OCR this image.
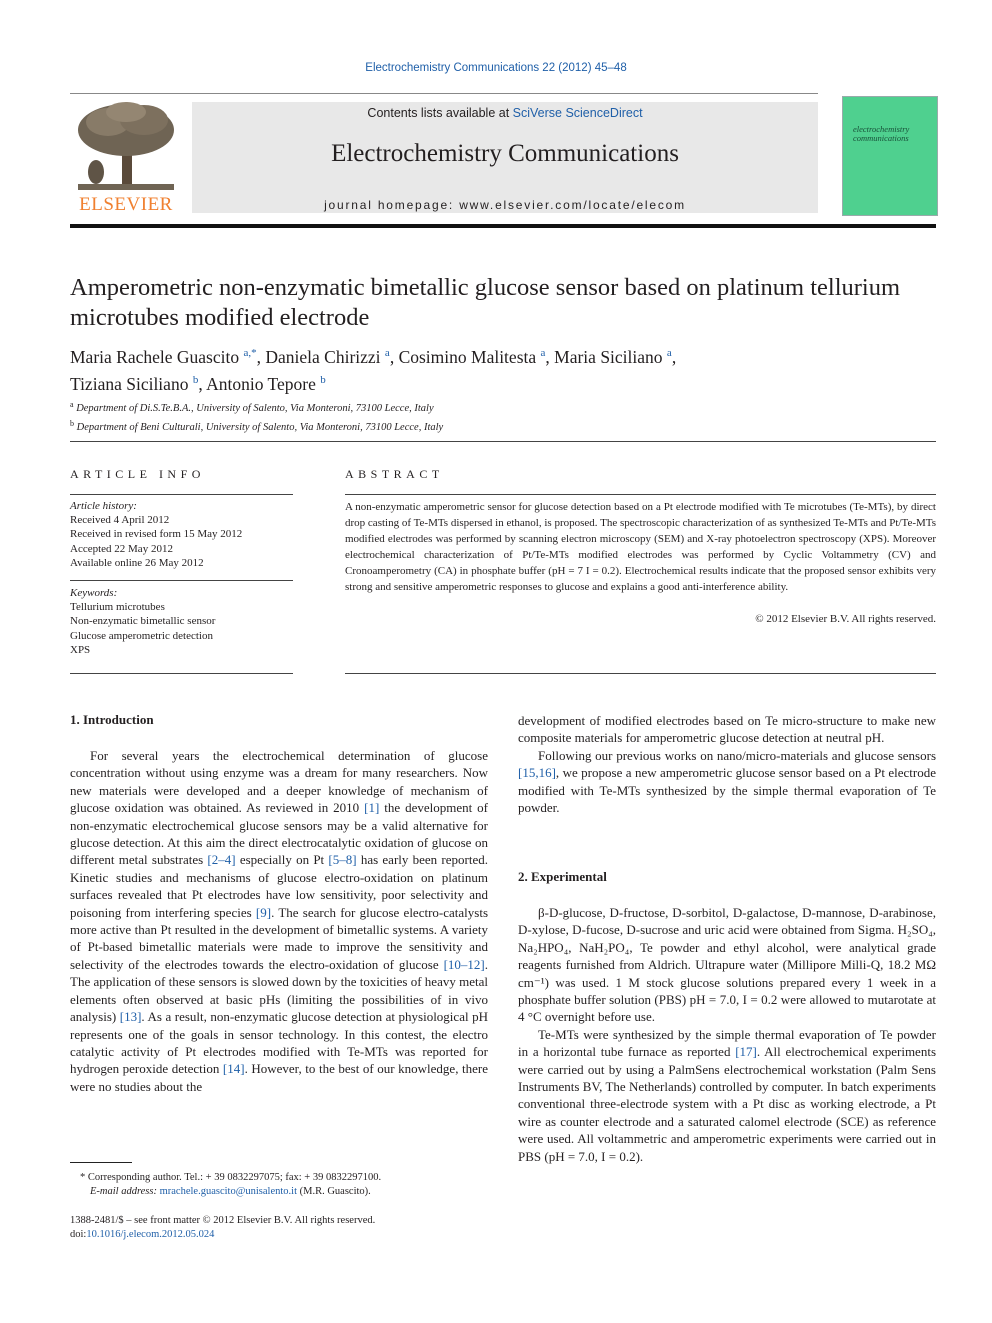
Electrochemistry Communications 22 (2012) 45–48
ELSEVIER
Contents lists available at SciVerse ScienceDirect
Electrochemistry Communications
journal homepage: www.elsevier.com/locate/elecom
electrochemistry
communications
Amperometric non-enzymatic bimetallic glucose sensor based on platinum tellurium microtubes modified electrode
Maria Rachele Guascito $^{a,*}$, Daniela Chirizzi $^a$, Cosimino Malitesta $^a$, Maria Siciliano $^a$,
Tiziana Siciliano $^b$, Antonio Tepore $^b$
$^a$ Department of Di.S.Te.B.A., University of Salento, Via Monteroni, 73100 Lecce, Italy
$^b$ Department of Beni Culturali, University of Salento, Via Monteroni, 73100 Lecce, Italy
ARTICLE INFO	ABSTRACT
Article history:
Received 4 April 2012
Received in revised form 15 May 2012
Accepted 22 May 2012
Available online 26 May 2012
Keywords:
Tellurium microtubes
Non-enzymatic bimetallic sensor
Glucose amperometric detection
XPS
A non-enzymatic amperometric sensor for glucose detection based on a Pt electrode modified with Te microtubes (Te-MTs), by direct drop casting of Te-MTs dispersed in ethanol, is proposed. The spectroscopic characterization of as synthesized Te-MTs and Pt/Te-MTs modified electrodes was performed by scanning electron microscopy (SEM) and X-ray photoelectron spectroscopy (XPS). Moreover electrochemical characterization of Pt/Te-MTs modified electrodes was performed by Cyclic Voltammetry (CV) and Cronoamperometry (CA) in phosphate buffer (pH = 7 I = 0.2). Electrochemical results indicate that the proposed sensor exhibits very strong and sensitive amperometric responses to glucose and explains a good anti-interference ability.
© 2012 Elsevier B.V. All rights reserved.
1. Introduction

For several years the electrochemical determination of glucose concentration without using enzyme was a dream for many researchers. Now new materials were developed and a deeper knowledge of mechanism of glucose oxidation was obtained. As reviewed in 2010 [1] the development of non-enzymatic electrochemical glucose sensors may be a valid alternative for glucose detection. At this aim the direct electrocatalytic oxidation of glucose on different metal substrates [2–4] especially on Pt [5–8] has early been reported. Kinetic studies and mechanisms of glucose electro-oxidation on platinum surfaces revealed that Pt electrodes have low sensitivity, poor selectivity and poisoning from interfering species [9]. The search for glucose electro-catalysts more active than Pt resulted in the development of bimetallic systems. A variety of Pt-based bimetallic materials were made to improve the sensitivity and selectivity of the electrodes towards the electro-oxidation of glucose [10–12]. The application of these sensors is slowed down by the toxicities of heavy metal elements often observed at basic pHs (limiting the possibilities of in vivo analysis) [13]. As a result, non-enzymatic glucose detection at physiological pH represents one of the goals in sensor technology. In this contest, the electro catalytic activity of Pt electrodes modified with Te-MTs was reported for hydrogen peroxide detection [14]. However, to the best of our knowledge, there were no studies about the

development of modified electrodes based on Te micro-structure to make new composite materials for amperometric glucose detection at neutral pH.

Following our previous works on nano/micro-materials and glucose sensors [15,16], we propose a new amperometric glucose sensor based on a Pt electrode modified with Te-MTs synthesized by the simple thermal evaporation of Te powder.

2. Experimental

β-D-glucose, D-fructose, D-sorbitol, D-galactose, D-mannose, D-arabinose, D-xylose, D-fucose, D-sucrose and uric acid were obtained from Sigma. H₂SO₄, Na₂HPO₄, NaH₂PO₄, Te powder and ethyl alcohol, were analytical grade reagents furnished from Aldrich. Ultrapure water (Millipore Milli-Q, 18.2 MΩ cm⁻¹) was used. 1 M stock glucose solutions prepared every 1 week in a phosphate buffer solution (PBS) pH = 7.0, I = 0.2 were allowed to mutarotate at 4 °C overnight before use.

Te-MTs were synthesized by the simple thermal evaporation of Te powder in a horizontal tube furnace as reported [17]. All electrochemical experiments were carried out by using a PalmSens electrochemical workstation (Palm Sens Instruments BV, The Netherlands) controlled by computer. In batch experiments conventional three-electrode system with a Pt disc as working electrode, a Pt wire as counter electrode and a saturated calomel electrode (SCE) as reference were used. All voltammetric and amperometric experiments were carried out in PBS (pH = 7.0, I = 0.2).

* Corresponding author. Tel.: + 39 0832297075; fax: + 39 0832297100.
E-mail address: mrachele.guascito@unisalento.it (M.R. Guascito).
1388-2481/$ – see front matter © 2012 Elsevier B.V. All rights reserved.
doi:10.1016/j.elecom.2012.05.024
